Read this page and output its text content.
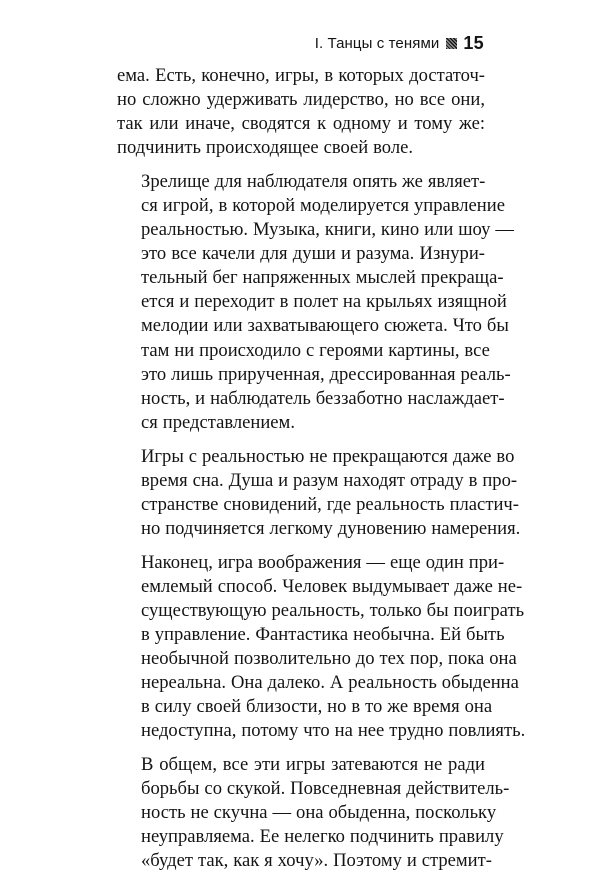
I. Танцы с тенями 15

ема. Есть, конечно, игры, в которых достаточ-
но сложно удерживать лидерство, но все они,
так или иначе, сводятся к одному и тому же:
подчинить происходящее своей воле.

Зрелище для наблюдателя опять же являет-
ся игрой, в которой моделируется управление
реальностью. Музыка, книги, кино или шоу —
это все качели для души и разума. Изнури-
тельный бег напряженных мыслей прекраща-
ется и переходит в полет на крыльях изящной
мелодии или захватывающего сюжета. Что бы
там ни происходило с героями картины, все
это лишь прирученная, дрессированная реаль-
ность, и наблюдатель беззаботно наслаждает-
ся представлением.

Игры с реальностью не прекращаются даже во
время сна. Душа и разум находят отраду в про-
странстве сновидений, где реальность пластич-
но подчиняется легкому дуновению намерения.

Наконец, игра воображения — еще один при-
емлемый способ. Человек выдумывает даже не-
существующую реальность, только бы поиграть
в управление. Фантастика необычна. Ей быть
необычной позволительно до тех пор, пока она
нереальна. Она далеко. А реальность обыденна
в силу своей близости, но в то же время она
недоступна, потому что на нее трудно повлиять.

В общем, все эти игры затеваются не ради
борьбы со скукой. Повседневная действитель-
ность не скучна — она обыденна, поскольку
неуправляема. Ее нелегко подчинить правилу
«будет так, как я хочу». Поэтому и стремит-
